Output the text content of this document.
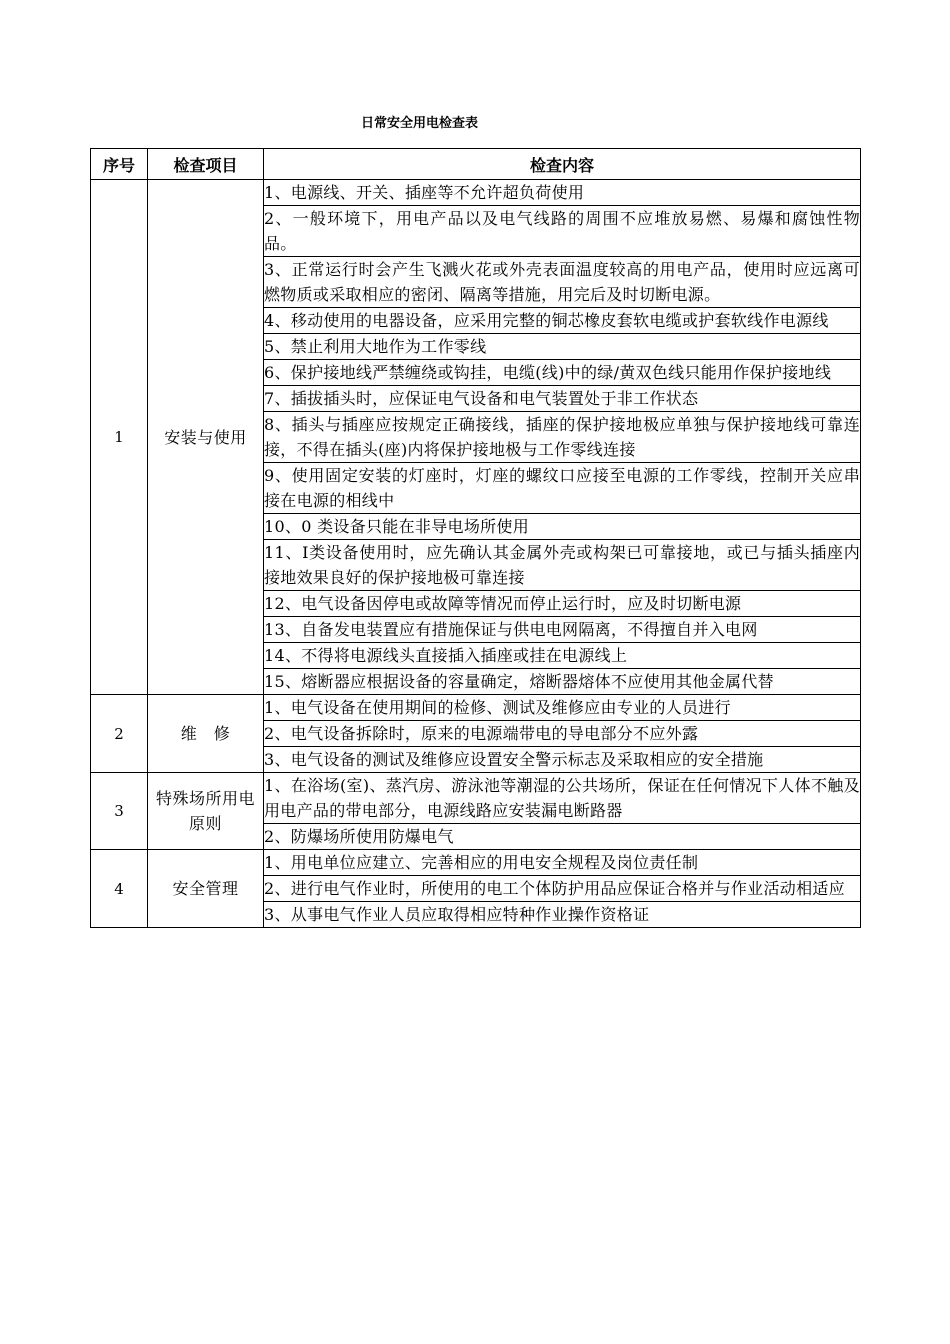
日常安全用电检查表
序号	检查项目	检查内容
1	安装与使用	1、电源线、开关、插座等不允许超负荷使用
		2、一般环境下，用电产品以及电气线路的周围不应堆放易燃、易爆和腐蚀性物品。
		3、正常运行时会产生飞溅火花或外壳表面温度较高的用电产品，使用时应远离可燃物质或采取相应的密闭、隔离等措施，用完后及时切断电源。
		4、移动使用的电器设备，应采用完整的铜芯橡皮套软电缆或护套软线作电源线
		5、禁止利用大地作为工作零线
		6、保护接地线严禁缠绕或钩挂，电缆(线)中的绿/黄双色线只能用作保护接地线
		7、插拔插头时，应保证电气设备和电气装置处于非工作状态
		8、插头与插座应按规定正确接线，插座的保护接地极应单独与保护接地线可靠连接，不得在插头(座)内将保护接地极与工作零线连接
		9、使用固定安装的灯座时，灯座的螺纹口应接至电源的工作零线，控制开关应串接在电源的相线中
		10、0 类设备只能在非导电场所使用
		11、Ⅰ类设备使用时，应先确认其金属外壳或构架已可靠接地，或已与插头插座内接地效果良好的保护接地极可靠连接
		12、电气设备因停电或故障等情况而停止运行时，应及时切断电源
		13、自备发电装置应有措施保证与供电电网隔离，不得擅自并入电网
		14、不得将电源线头直接插入插座或挂在电源线上
		15、熔断器应根据设备的容量确定，熔断器熔体不应使用其他金属代替
2	维　修	1、电气设备在使用期间的检修、测试及维修应由专业的人员进行
		2、电气设备拆除时，原来的电源端带电的导电部分不应外露
		3、电气设备的测试及维修应设置安全警示标志及采取相应的安全措施
3	特殊场所用电原则	1、在浴场(室)、蒸汽房、游泳池等潮湿的公共场所，保证在任何情况下人体不触及用电产品的带电部分，电源线路应安装漏电断路器
		2、防爆场所使用防爆电气
4	安全管理	1、用电单位应建立、完善相应的用电安全规程及岗位责任制
		2、进行电气作业时，所使用的电工个体防护用品应保证合格并与作业活动相适应
		3、从事电气作业人员应取得相应特种作业操作资格证
